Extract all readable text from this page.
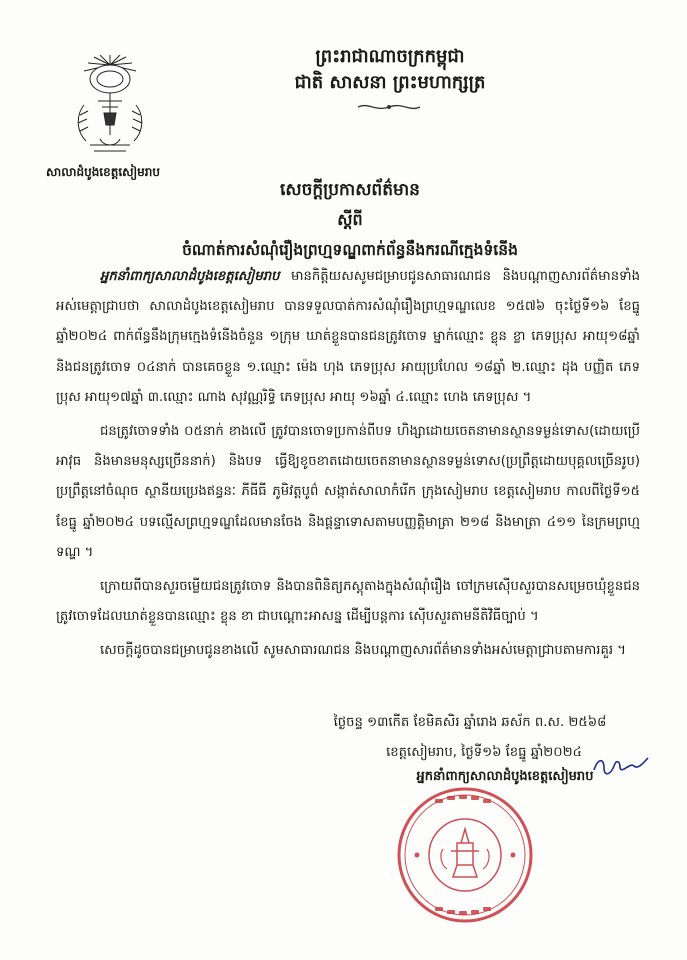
សាលាដំបូងខេត្តសៀមរាប
ព្រះរាជាណាចក្រកម្ពុជា
ជាតិ សាសនា ព្រះមហាក្សត្រ
សេចក្តីប្រកាសព័ត៌មាន
ស្តីពី
ចំណាត់ការសំណុំរឿងព្រហ្មទណ្ឌពាក់ព័ន្ធនឹងករណីក្មេងទំនើង

អ្នកនាំពាក្យសាលាដំបូងខេត្តសៀមរាប មានកិត្តិយសសូមជម្រាបជូនសាធារណជន និងបណ្តាញសារព័ត៌មានទាំងអស់មេត្តាជ្រាបថា សាលាដំបូងខេត្តសៀមរាប បានទទួលបាត់ការសំណុំរឿងព្រហ្មទណ្ឌលេខ ១៥៧៦ ចុះថ្ងៃទី១៦ ខែធ្នូ ឆ្នាំ២០២៤ ពាក់ព័ន្ធនឹងក្រុមក្មេងទំនើងចំនួន ១ក្រុម ឃាត់ខ្លួនបានជនត្រូវចោទ ម្នាក់ឈ្មោះ ខ្លុន ខ្លា ភេទប្រុស អាយុ១៨ឆ្នាំ និងជនត្រូវចោទ ០៤នាក់ បានគេចខ្លួន ១.ឈ្មោះ ម៉េង ហុង ភេទប្រុស អាយុប្រហែល ១៨ឆ្នាំ ២.ឈ្មោះ ដុង បញ្ញិត ភេទប្រុស អាយុ១៧ឆ្នាំ ៣.ឈ្មោះ ណាង សុវណ្ណរិទ្ធិ ភេទប្រុស អាយុ ១៦ឆ្នាំ ៤.ឈ្មោះ ហេង ភេទប្រុស ។

ជនត្រូវចោទទាំង ០៥នាក់ ខាងលើ ត្រូវបានចោទប្រកាន់ពីបទ ហិង្សាដោយចេតនាមានស្ថានទម្ងន់ទោស(ដោយប្រើអាវុធ និងមានមនុស្សច្រើននាក់) និងបទ ធ្វើឱ្យខូចខាតដោយចេតនាមានស្ថានទម្ងន់ទោស(ប្រព្រឹត្តដោយបុគ្គលច្រើនរូប) ប្រព្រឹត្តនៅចំណុច ស្ថានីយប្រេងឥន្ធនៈ ភីធីធី ភូមិវត្តបូព៌ សង្កាត់សាលាកំរើក ក្រុងសៀមរាប ខេត្តសៀមរាប កាលពីថ្ងៃទី១៥ ខែធ្នូ ឆ្នាំ២០២៤ បទល្មើសព្រហ្មទណ្ឌដែលមានចែង និងផ្តន្ទាទោសតាមបញ្ញត្តិមាត្រា ២១៨ និងមាត្រា ៤១១ នៃក្រមព្រហ្មទណ្ឌ ។

ក្រោយពីបានសួរចម្លើយជនត្រូវចោទ និងបានពិនិត្យភស្តុតាងក្នុងសំណុំរឿង ចៅក្រមស៊ើបសួរបានសម្រេចឃុំខ្លួនជនត្រូវចោទដែលឃាត់ខ្លួនបានឈ្មោះ ខ្លុន ខា ជាបណ្តោះអាសន្ន ដើម្បីបន្តការ ស៊ើបសួរតាមនីតិវិធីច្បាប់ ។

សេចក្តីដូចបានជម្រាបជូនខាងលើ សូមសាធារណជន និងបណ្តាញសារព័ត៌មានទាំងអស់មេត្តាជ្រាបតាមការគួរ ។

ថ្ងៃចន្ទ ១៣កើត ខែមិគសិរ ឆ្នាំរោង ឆស័ក ព.ស. ២៥៦៨
ខេត្តសៀមរាប, ថ្ងៃទី១៦ ខែធ្នូ ឆ្នាំ២០២៤
អ្នកនាំពាក្យសាលាដំបូងខេត្តសៀមរាប
